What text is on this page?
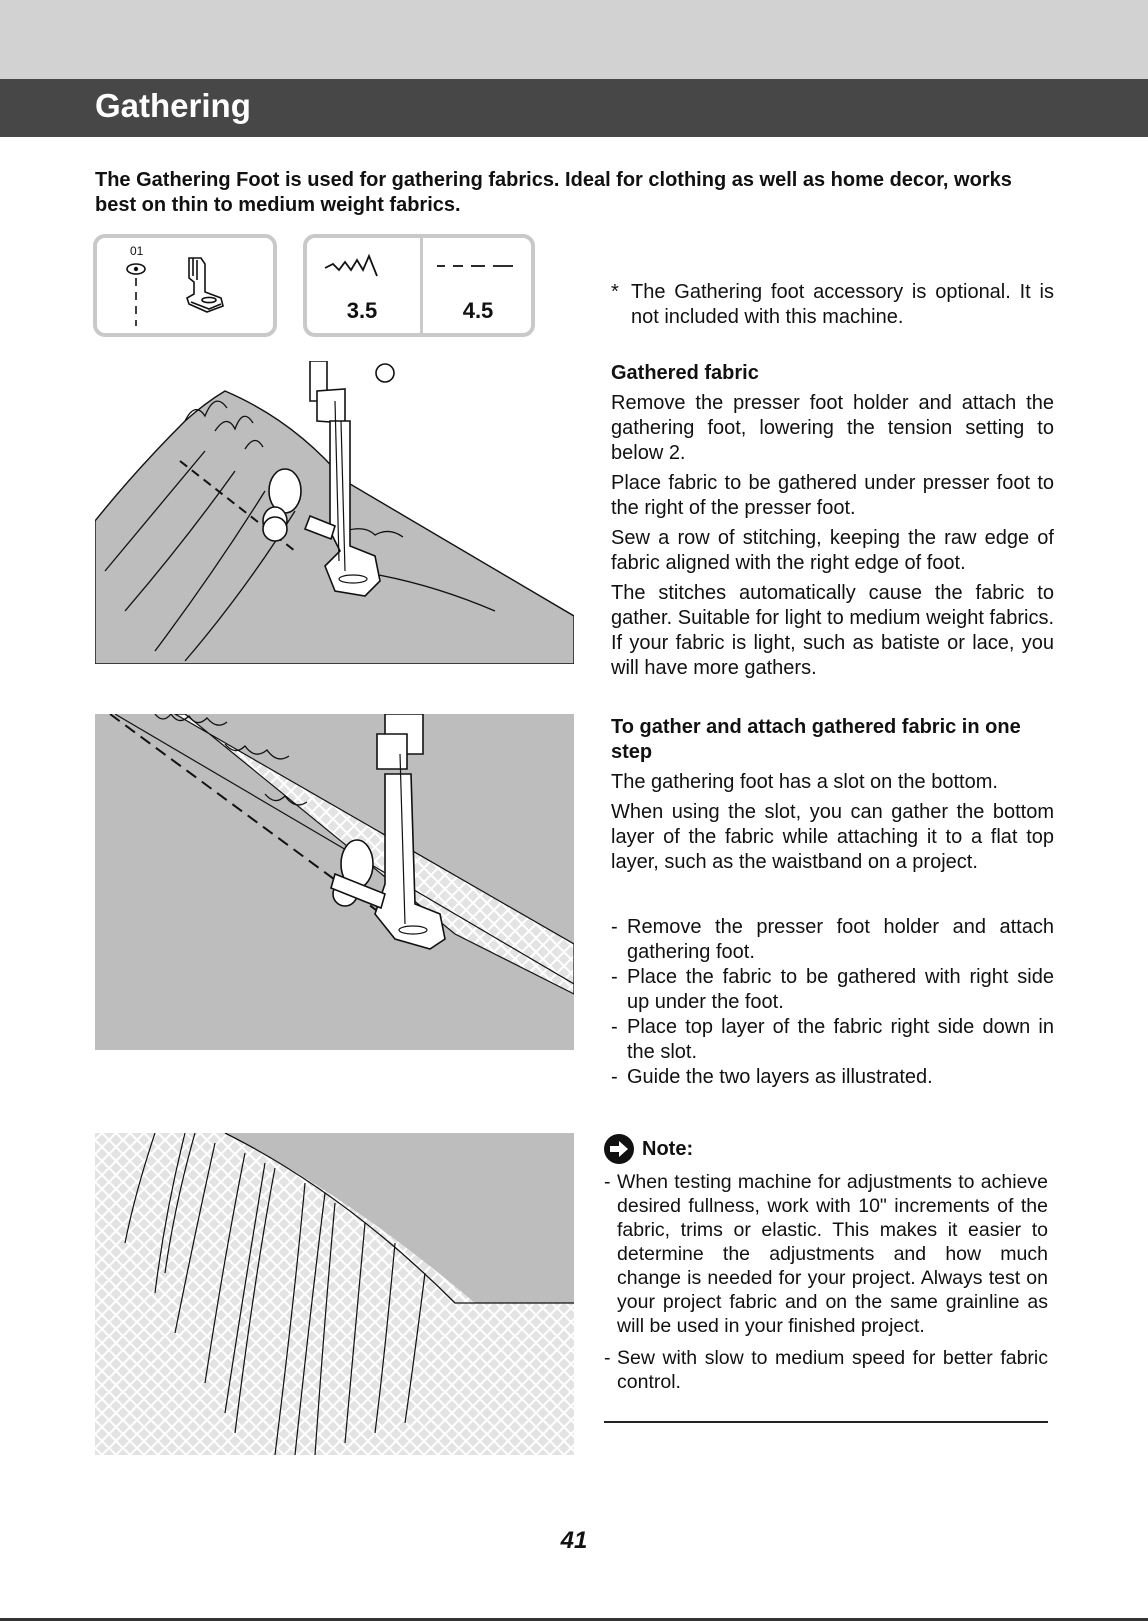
Gathering

The Gathering Foot is used for gathering fabrics. Ideal for clothing as well as home decor, works best on thin to medium weight fabrics.

01
3.5	4.5
* The Gathering foot accessory is optional. It is not included with this machine.

Gathered fabric

Remove the presser foot holder and attach the gathering foot, lowering the tension setting to below 2.

Place fabric to be gathered under presser foot to the right of the presser foot.

Sew a row of stitching, keeping the raw edge of fabric aligned with the right edge of foot.

The stitches automatically cause the fabric to gather. Suitable for light to medium weight fabrics. If your fabric is light, such as batiste or lace, you will have more gathers.

To gather and attach gathered fabric in one step

The gathering foot has a slot on the bottom.

When using the slot, you can gather the bottom layer of the fabric while attaching it to a flat top layer, such as the waistband on a project.

- Remove the presser foot holder and attach gathering foot.
- Place the fabric to be gathered with right side up under the foot.
- Place top layer of the fabric right side down in the slot.
- Guide the two layers as illustrated.
Note:
- When testing machine for adjustments to achieve desired fullness, work with 10" increments of the fabric, trims or elastic. This makes it easier to determine the adjustments and how much change is needed for your project. Always test on your project fabric and on the same grainline as will be used in your finished project.
- Sew with slow to medium speed for better fabric control.
41
